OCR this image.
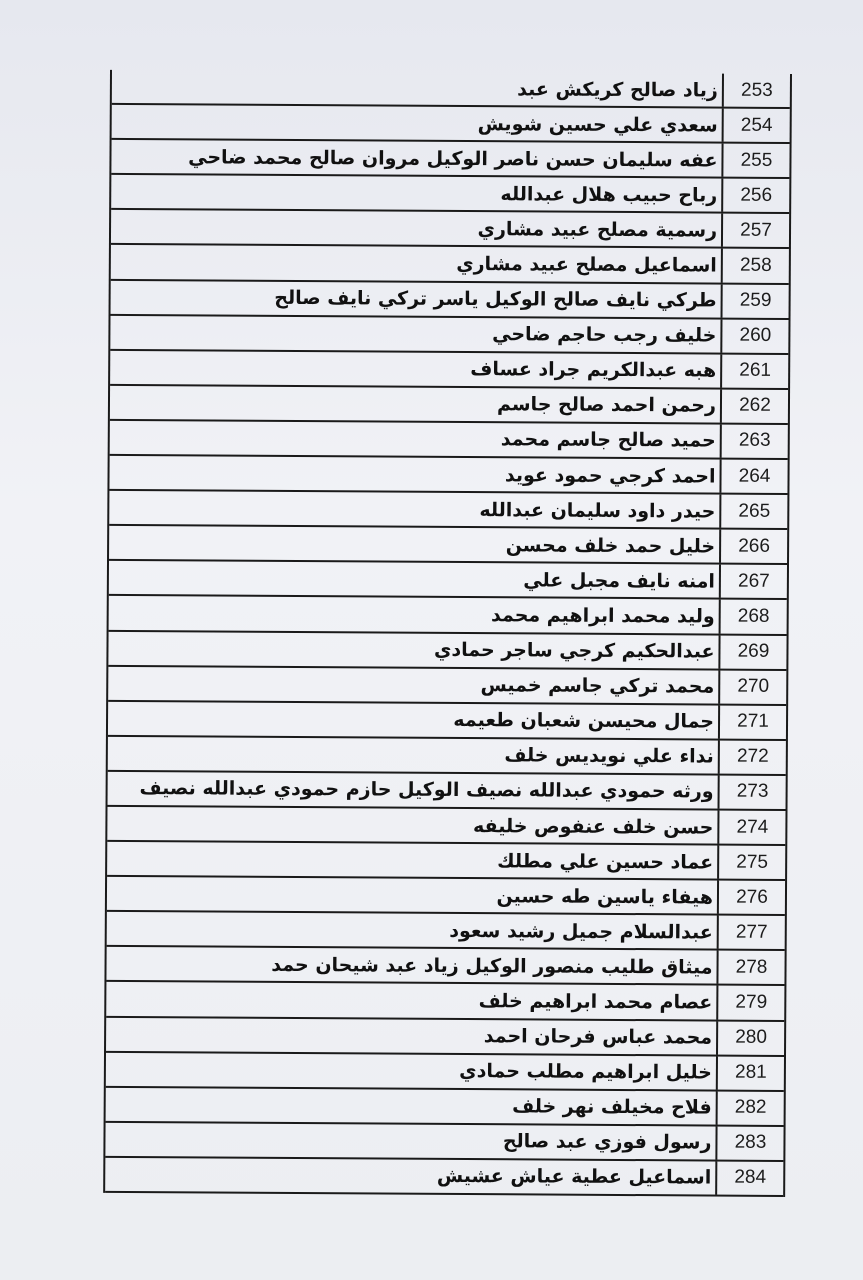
زياد صالح كريكش عبد	253
سعدي علي حسين شويش	254
عفه سليمان حسن ناصر الوكيل مروان صالح محمد ضاحي	255
رباح حبيب هلال عبدالله	256
رسمية مصلح عبيد مشاري	257
اسماعيل مصلح عبيد مشاري	258
طركي نايف صالح الوكيل ياسر تركي نايف صالح	259
خليف رجب حاجم ضاحي	260
هبه عبدالكريم جراد عساف	261
رحمن احمد صالح جاسم	262
حميد صالح جاسم محمد	263
احمد كرجي حمود عويد	264
حيدر داود سليمان عبدالله	265
خليل حمد خلف محسن	266
امنه نايف مجبل علي	267
وليد محمد ابراهيم محمد	268
عبدالحكيم كرجي ساجر حمادي	269
محمد تركي جاسم خميس	270
جمال محيسن شعبان طعيمه	271
نداء علي نويديس خلف	272
ورثه حمودي عبدالله نصيف الوكيل حازم حمودي عبدالله نصيف	273
حسن خلف عنفوص خليفه	274
عماد حسين علي مطلك	275
هيفاء ياسين طه حسين	276
عبدالسلام جميل رشيد سعود	277
ميثاق طليب منصور الوكيل زياد عبد شيحان حمد	278
عصام محمد ابراهيم خلف	279
محمد عباس فرحان احمد	280
خليل ابراهيم مطلب حمادي	281
فلاح مخيلف نهر خلف	282
رسول فوزي عبد صالح	283
اسماعيل عطية عياش عشيش	284
